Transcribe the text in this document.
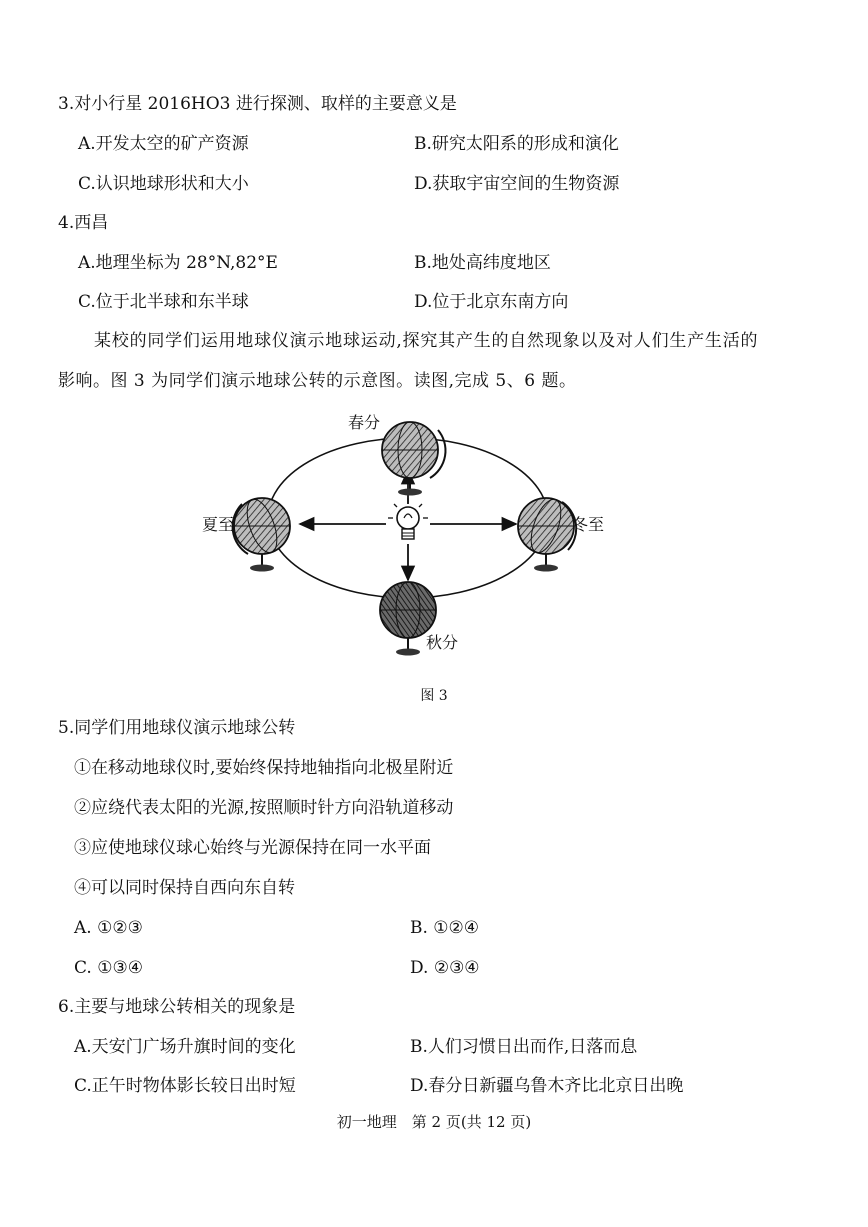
3.对小行星 2016HO3 进行探测、取样的主要意义是
A.开发太空的矿产资源	B.研究太阳系的形成和演化
C.认识地球形状和大小	D.获取宇宙空间的生物资源
4.西昌
A.地理坐标为 28°N,82°E	B.地处高纬度地区
C.位于北半球和东半球	D.位于北京东南方向
某校的同学们运用地球仪演示地球运动,探究其产生的自然现象以及对人们生产生活的影响。图 3 为同学们演示地球公转的示意图。读图,完成 5、6 题。
春分
夏至	冬至
秋分
图 3
5.同学们用地球仪演示地球公转
①在移动地球仪时,要始终保持地轴指向北极星附近
②应绕代表太阳的光源,按照顺时针方向沿轨道移动
③应使地球仪球心始终与光源保持在同一水平面
④可以同时保持自西向东自转
A. ①②③	B. ①②④
C. ①③④	D. ②③④
6.主要与地球公转相关的现象是
A.天安门广场升旗时间的变化	B.人们习惯日出而作,日落而息
C.正午时物体影长较日出时短	D.春分日新疆乌鲁木齐比北京日出晚
初一地理　第 2 页(共 12 页)
